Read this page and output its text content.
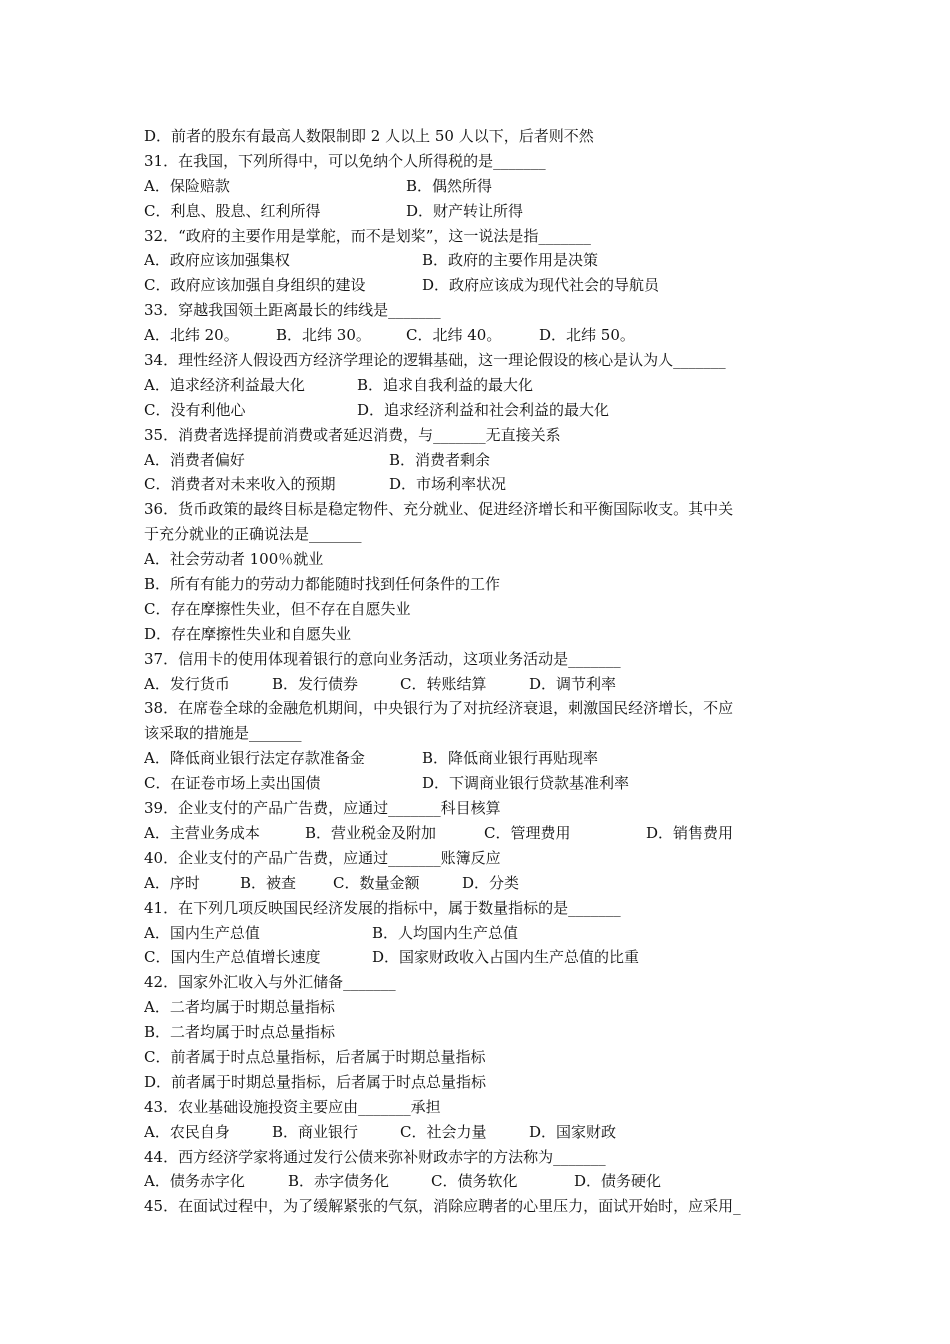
D．前者的股东有最高人数限制即 2 人以上 50 人以下，后者则不然
31．在我国，下列所得中，可以免纳个人所得税的是_______
A．保险赔款	B．偶然所得
C．利息、股息、红利所得	D．财产转让所得
32．“政府的主要作用是掌舵，而不是划桨”，这一说法是指_______
A．政府应该加强集权	B．政府的主要作用是决策
C．政府应该加强自身组织的建设	D．政府应该成为现代社会的导航员
33．穿越我国领土距离最长的纬线是_______
A．北纬 20。 B．北纬 30。 C．北纬 40。	D．北纬 50。
34．理性经济人假设西方经济学理论的逻辑基础，这一理论假设的核心是认为人_______
A．追求经济利益最大化	B．追求自我利益的最大化
C．没有利他心	D．追求经济利益和社会利益的最大化
35．消费者选择提前消费或者延迟消费，与_______无直接关系
A．消费者偏好	B．消费者剩余
C．消费者对未来收入的预期	D．市场利率状况
36．货币政策的最终目标是稳定物件、充分就业、促进经济增长和平衡国际收支。其中关
于充分就业的正确说法是_______
A．社会劳动者 100％就业
B．所有有能力的劳动力都能随时找到任何条件的工作
C．存在摩擦性失业，但不存在自愿失业
D．存在摩擦性失业和自愿失业
37．信用卡的使用体现着银行的意向业务活动，这项业务活动是_______
A．发行货币	B．发行债券	C．转账结算	D．调节利率
38．在席卷全球的金融危机期间，中央银行为了对抗经济衰退，刺激国民经济增长，不应
该采取的措施是_______
A．降低商业银行法定存款准备金	B．降低商业银行再贴现率
C．在证卷市场上卖出国债	D．下调商业银行贷款基准利率
39．企业支付的产品广告费，应通过_______科目核算
A．主营业务成本	B．营业税金及附加	C．管理费用	D．销售费用
40．企业支付的产品广告费，应通过_______账簿反应
A．序时	B．被查 C．数量金额	D．分类
41．在下列几项反映国民经济发展的指标中，属于数量指标的是_______
A．国内生产总值	B．人均国内生产总值
C．国内生产总值增长速度	D．国家财政收入占国内生产总值的比重
42．国家外汇收入与外汇储备_______
A．二者均属于时期总量指标
B．二者均属于时点总量指标
C．前者属于时点总量指标，后者属于时期总量指标
D．前者属于时期总量指标，后者属于时点总量指标
43．农业基础设施投资主要应由_______承担
A．农民自身	B．商业银行	C．社会力量	D．国家财政
44．西方经济学家将通过发行公债来弥补财政赤字的方法称为_______
A．债务赤字化	B．赤字债务化	C．债务软化	D．债务硬化
45．在面试过程中，为了缓解紧张的气氛，消除应聘者的心里压力，面试开始时，应采用_
